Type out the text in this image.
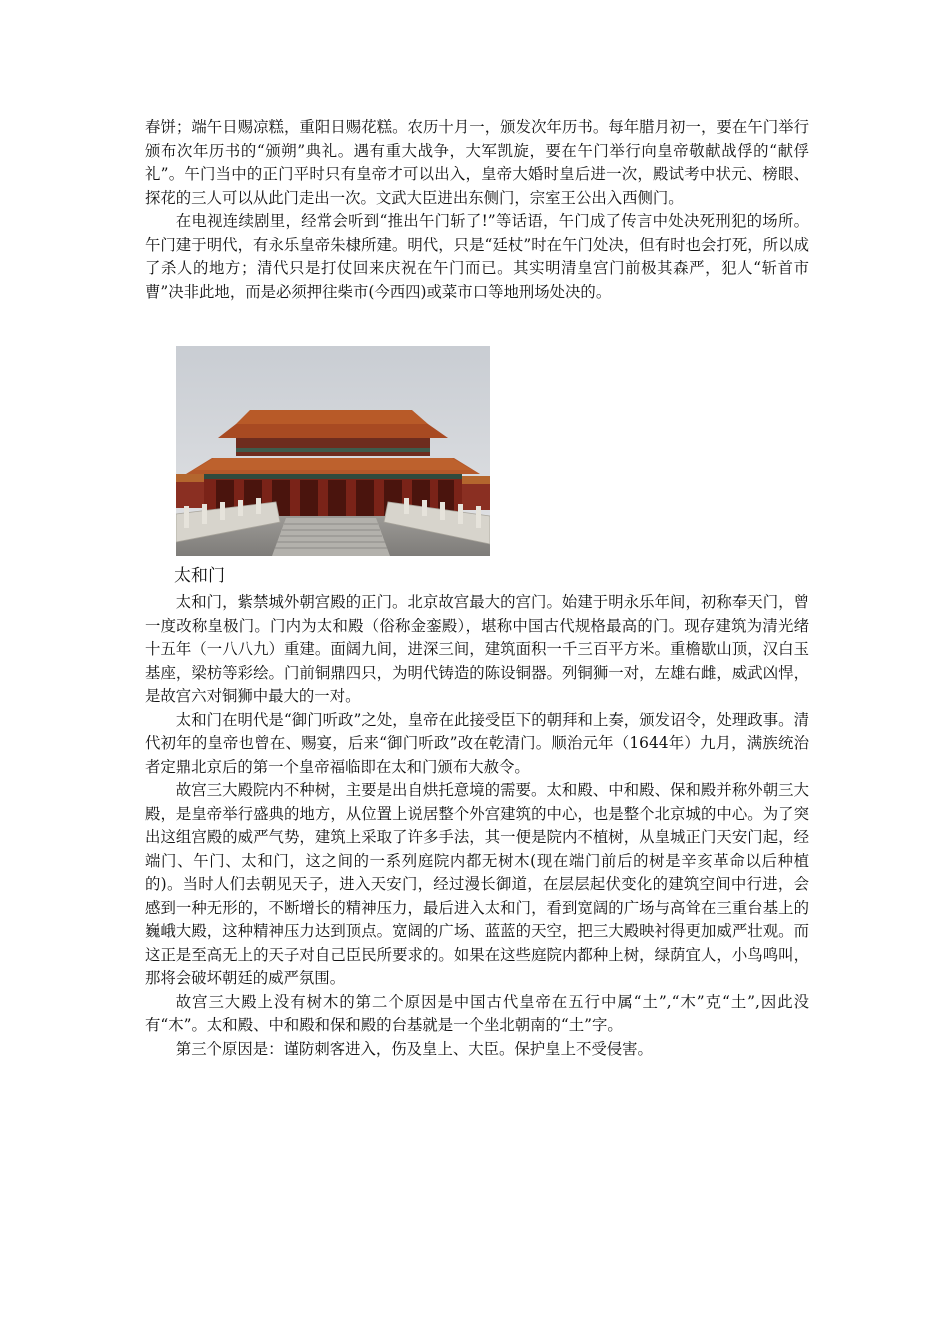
春饼；端午日赐凉糕，重阳日赐花糕。农历十月一，颁发次年历书。每年腊月初一，要在午门举行颁布次年历书的“颁朔”典礼。遇有重大战争，大军凯旋，要在午门举行向皇帝敬献战俘的“献俘礼”。午门当中的正门平时只有皇帝才可以出入，皇帝大婚时皇后进一次，殿试考中状元、榜眼、探花的三人可以从此门走出一次。文武大臣进出东侧门，宗室王公出入西侧门。

在电视连续剧里，经常会听到“推出午门斩了!”等话语，午门成了传言中处决死刑犯的场所。午门建于明代，有永乐皇帝朱棣所建。明代，只是“廷杖”时在午门处决，但有时也会打死，所以成了杀人的地方；清代只是打仗回来庆祝在午门而已。其实明清皇宫门前极其森严，犯人“斩首市曹”决非此地，而是必须押往柴市(今西四)或菜市口等地刑场处决的。

太和门

太和门，紫禁城外朝宫殿的正门。北京故宫最大的宫门。始建于明永乐年间，初称奉天门，曾一度改称皇极门。门内为太和殿（俗称金銮殿），堪称中国古代规格最高的门。现存建筑为清光绪十五年（一八八九）重建。面阔九间，进深三间，建筑面积一千三百平方米。重檐歇山顶，汉白玉基座，梁枋等彩绘。门前铜鼎四只，为明代铸造的陈设铜器。列铜狮一对，左雄右雌，威武凶悍，是故宫六对铜狮中最大的一对。

太和门在明代是“御门听政”之处，皇帝在此接受臣下的朝拜和上奏，颁发诏令，处理政事。清代初年的皇帝也曾在、赐宴，后来“御门听政”改在乾清门。顺治元年（1644年）九月，满族统治者定鼎北京后的第一个皇帝福临即在太和门颁布大赦令。

故宫三大殿院内不种树，主要是出自烘托意境的需要。太和殿、中和殿、保和殿并称外朝三大殿，是皇帝举行盛典的地方，从位置上说居整个外宫建筑的中心，也是整个北京城的中心。为了突出这组宫殿的威严气势，建筑上采取了许多手法，其一便是院内不植树，从皇城正门天安门起，经端门、午门、太和门，这之间的一系列庭院内都无树木(现在端门前后的树是辛亥革命以后种植的)。当时人们去朝见天子，进入天安门，经过漫长御道，在层层起伏变化的建筑空间中行进，会感到一种无形的，不断增长的精神压力，最后进入太和门，看到宽阔的广场与高耸在三重台基上的巍峨大殿，这种精神压力达到顶点。宽阔的广场、蓝蓝的天空，把三大殿映衬得更加威严壮观。而这正是至高无上的天子对自己臣民所要求的。如果在这些庭院内都种上树，绿荫宜人，小鸟鸣叫，那将会破坏朝廷的威严氛围。

故宫三大殿上没有树木的第二个原因是中国古代皇帝在五行中属“土”,“木”克“土”,因此没有“木”。太和殿、中和殿和保和殿的台基就是一个坐北朝南的“土”字。

第三个原因是：谨防刺客进入，伤及皇上、大臣。保护皇上不受侵害。
